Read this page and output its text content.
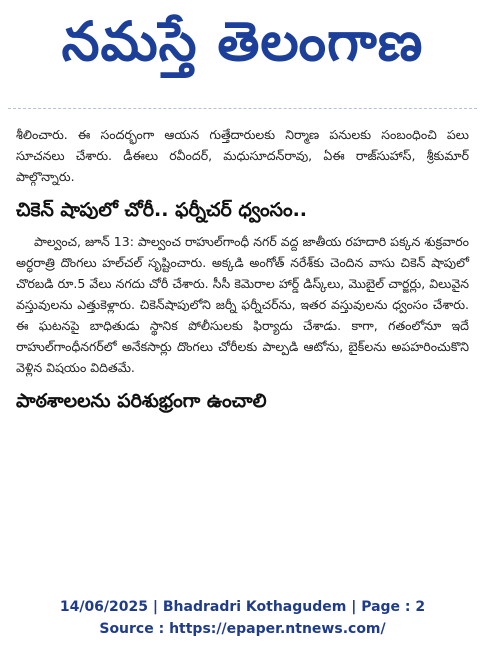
నమస్తే తెలంగాణ

శీలించారు. ఈ సందర్భంగా ఆయన గుత్తేదారులకు నిర్మాణ పనులకు సంబంధించి పలు సూచనలు చేశారు. డీఈలు రవీందర్, మధుసూదన్‌రావు, ఏఈ రాజ్‌సుహాస్, శ్రీకుమార్ పాల్గొన్నారు.

చికెన్ షాపులో చోరీ.. ఫర్నీచర్ ధ్వంసం..

పాల్వంచ, జూన్ 13: పాల్వంచ రాహుల్‌గాంధీ నగర్ వద్ద జాతీయ రహదారి పక్కన శుక్రవారం అర్ధరాత్రి దొంగలు హల్‌చల్ సృష్టించారు. అక్కడి అంగోత్ నరేశ్‌కు చెందిన వాసు చికెన్ షాపులో చొరబడి రూ.5 వేలు నగదు చోరీ చేశారు. సీసీ కెమెరాల హార్డ్ డిస్క్‌లు, మొబైల్ చార్జర్లు, విలువైన వస్తువులను ఎత్తుకెళ్లారు. చికెన్‌షాపులోని జర్నీ ఫర్నీచర్‌ను, ఇతర వస్తువులను ధ్వంసం చేశారు. ఈ ఘటనపై బాధితుడు స్థానిక పోలీసులకు ఫిర్యాదు చేశాడు. కాగా, గతంలోనూ ఇదే రాహుల్‌గాంధీనగర్‌లో అనేకసార్లు దొంగలు చోరీలకు పాల్పడి ఆటోను, బైక్‌లను అపహరించుకొని వెళ్లిన విషయం విదితమే.

పాఠశాలలను పరిశుభ్రంగా ఉంచాలి
14/06/2025 | Bhadradri Kothagudem | Page : 2
Source : https://epaper.ntnews.com/
